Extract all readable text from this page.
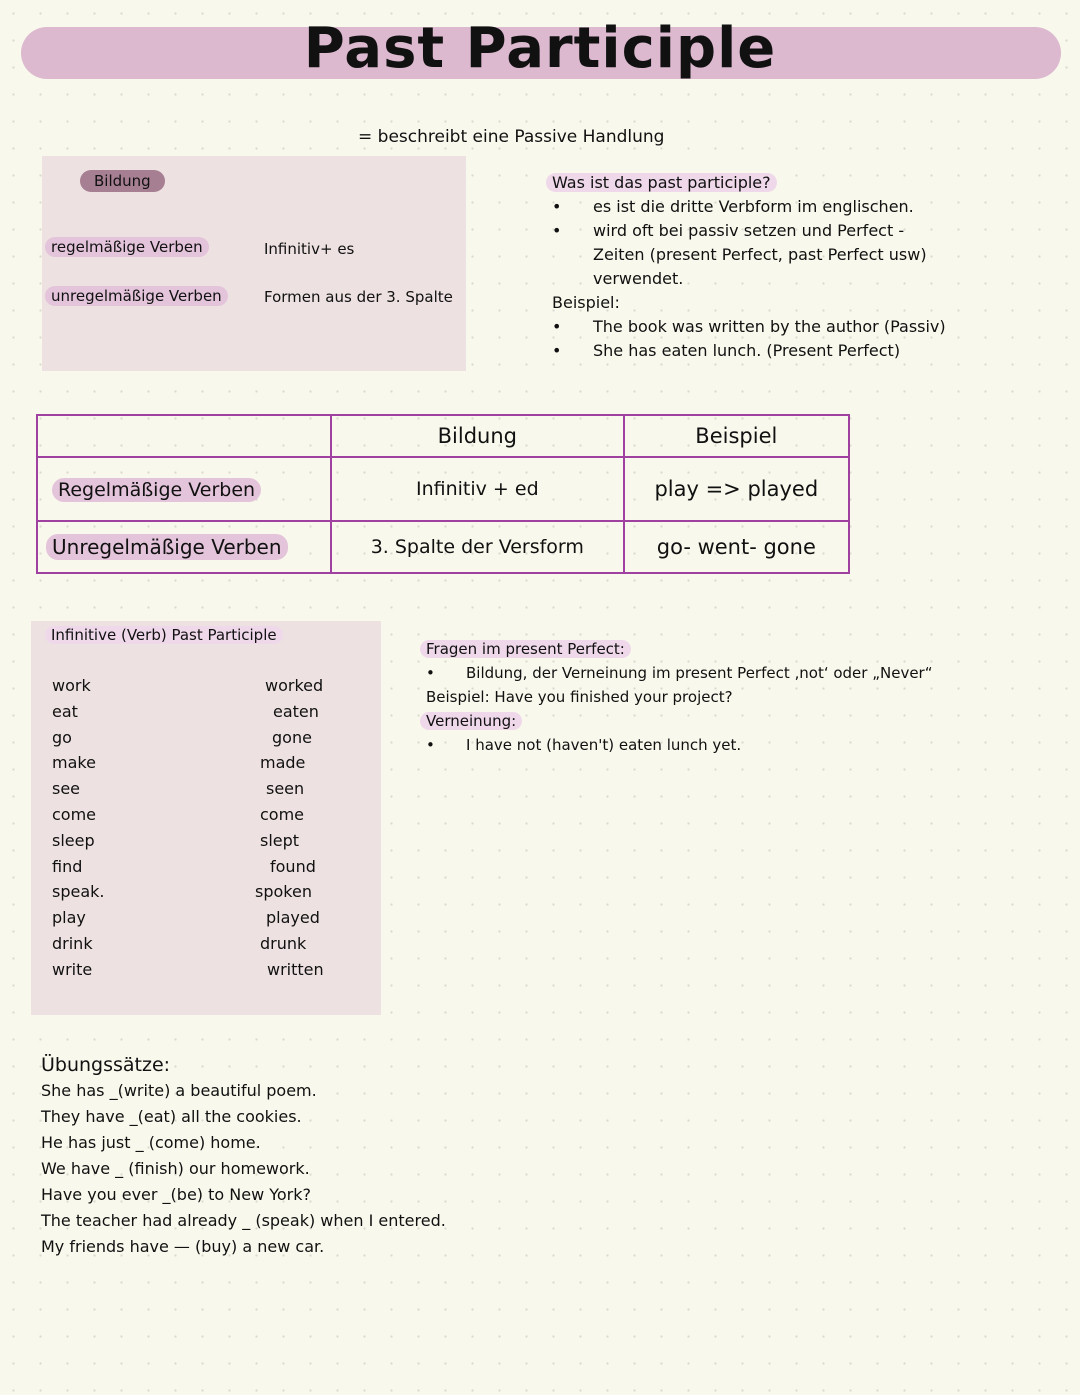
Past Participle
= beschreibt eine Passive Handlung
Bildung
regelmäßige Verben	Infinitiv+ es
unregelmäßige Verben	Formen aus der 3. Spalte
Was ist das past participle?
• es ist die dritte Verbform im englischen.
• wird oft bei passiv setzen und Perfect -
Zeiten (present Perfect, past Perfect usw)
verwendet.
Beispiel:
• The book was written by the author (Passiv)
• She has eaten lunch. (Present Perfect)
	Bildung	Beispiel
Regelmäßige Verben	Infinitiv + ed	play => played
Unregelmäßige Verben	3. Spalte der Versform	go- went- gone
Infinitive (Verb) Past Participle
work	worked
eat	eaten
go	gone
make	made
see	seen
come	come
sleep	slept
find	found
speak.	spoken
play	played
drink	drunk
write	written
Fragen im present Perfect:
• Bildung, der Verneinung im present Perfect ‚not‘ oder „Never“
Beispiel: Have you finished your project?
Verneinung:
• I have not (haven't) eaten lunch yet.
Übungssätze:
She has _(write) a beautiful poem.
They have _(eat) all the cookies.
He has just _ (come) home.
We have _ (finish) our homework.
Have you ever _(be) to New York?
The teacher had already _ (speak) when I entered.
My friends have — (buy) a new car.
